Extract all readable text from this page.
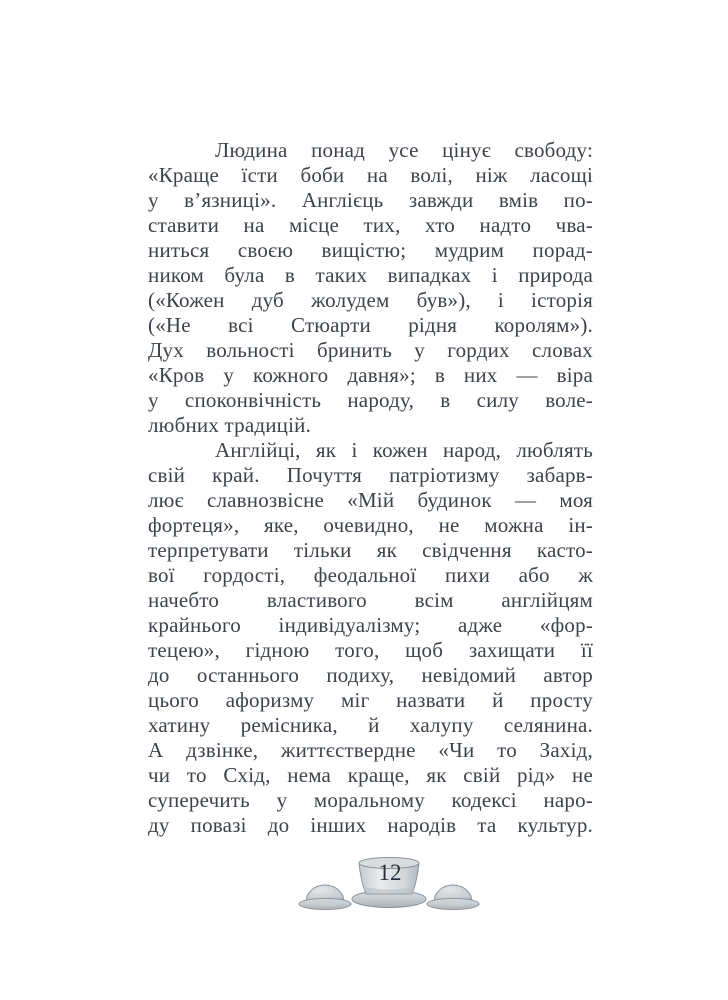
Людина понад усе цінує свободу:
«Краще їсти боби на волі, ніж ласощі
у в’язниці». Англієць завжди вмів по-
ставити на місце тих, хто надто чва-
ниться своєю вищістю; мудрим порад-
ником була в таких випадках і природа
(«Кожен дуб жолудем був»), і історія
(«Не всі Стюарти рідня королям»).
Дух вольності бринить у гордих словах
«Кров у кожного давня»; в них — віра
у споконвічність народу, в силу воле-
любних традицій.
Англійці, як і кожен народ, люблять
свій край. Почуття патріотизму забарв-
лює славнозвісне «Мій будинок — моя
фортеця», яке, очевидно, не можна ін-
терпретувати тільки як свідчення касто-
вої гордості, феодальної пихи або ж
начебто властивого всім англійцям
крайнього індивідуалізму; адже «фор-
тецею», гідною того, щоб захищати її
до останнього подиху, невідомий автор
цього афоризму міг назвати й просту
хатину ремісника, й халупу селянина.
А дзвінке, життєствердне «Чи то Захід,
чи то Схід, нема краще, як свій рід» не
суперечить у моральному кодексі наро-
ду повазі до інших народів та культур.
12
